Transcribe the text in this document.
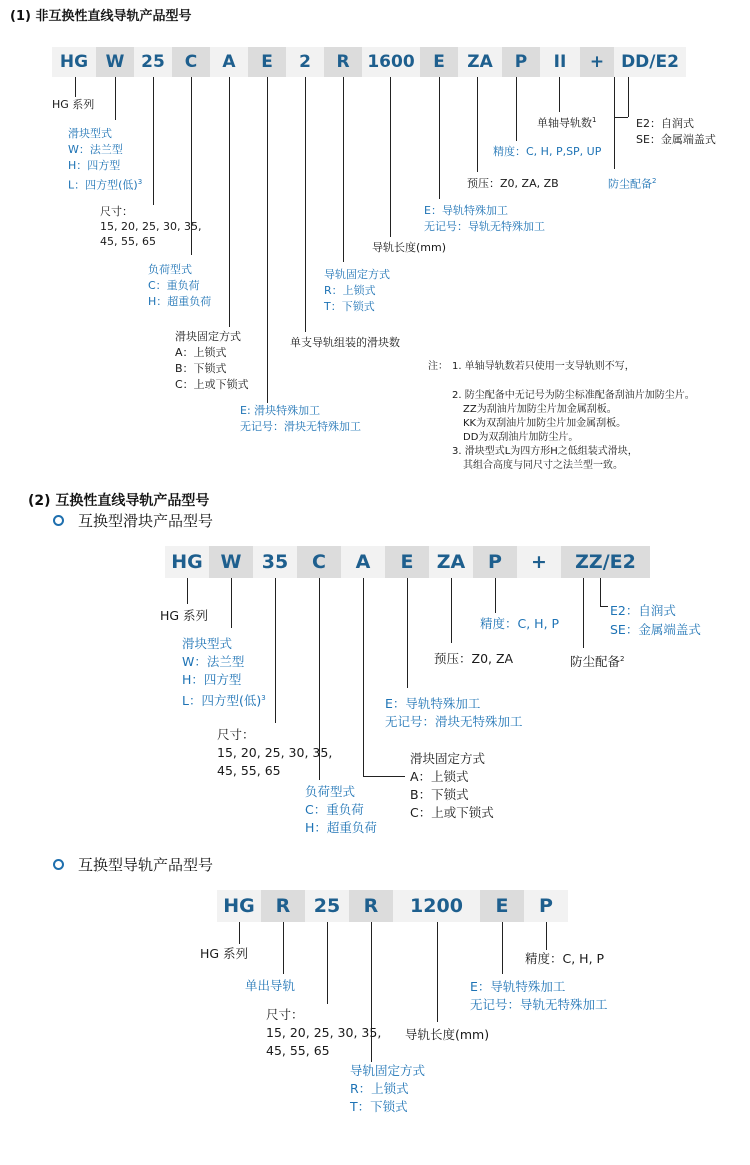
(1) 非互换性直线导轨产品型号
HG	W 25	C	A	E	2	R	1600	E	ZA	P	II	+ DD/E2
HG 系列
滑块型式
W：法兰型
H：四方型
L：四方型(低)$^3$
尺寸：
15, 20, 25, 30, 35,
45, 55, 65
负荷型式
C：重负荷
H：超重负荷
滑块固定方式
A：上锁式
B：下锁式
C：上或下锁式
E: 滑块特殊加工
无记号：滑块无特殊加工
单支导轨组装的滑块数
导轨固定方式
R：上锁式
T：下锁式
导轨长度(mm)
E：导轨特殊加工
无记号：导轨无特殊加工
预压：Z0, ZA, ZB
精度：C, H, P,SP, UP
单轴导轨数$^1$
防尘配备$^2$
E2：自润式
SE：金属端盖式
注： 1. 单轴导轨数若只使用一支导轨则不写，
2. 防尘配备中无记号为防尘标准配备刮油片加防尘片。
ZZ为刮油片加防尘片加金属刮板。
KK为双刮油片加防尘片加金属刮板。
DD为双刮油片加防尘片。
3. 滑块型式L为四方形H之低组装式滑块，
其组合高度与同尺寸之法兰型一致。
(2) 互换性直线导轨产品型号
互换型滑块产品型号
HG W	35	C	A	E	ZA	P	+	ZZ/E2
HG 系列
滑块型式
W：法兰型
H：四方型
L：四方型(低)$^3$
尺寸：
15, 20, 25, 30, 35,
45, 55, 65
负荷型式
C：重负荷
H：超重负荷
滑块固定方式
A：上锁式
B：下锁式
C：上或下锁式
E：导轨特殊加工
无记号：滑块无特殊加工
预压：Z0, ZA
精度：C, H, P
防尘配备$^2$
E2：自润式
SE：金属端盖式
互换型导轨产品型号
HG	R	25	R	1200	E	P
HG 系列
单出导轨
尺寸：
15, 20, 25, 30, 35,
45, 55, 65
导轨固定方式
R：上锁式
T：下锁式
导轨长度(mm)
E：导轨特殊加工
无记号：导轨无特殊加工
精度：C, H, P
